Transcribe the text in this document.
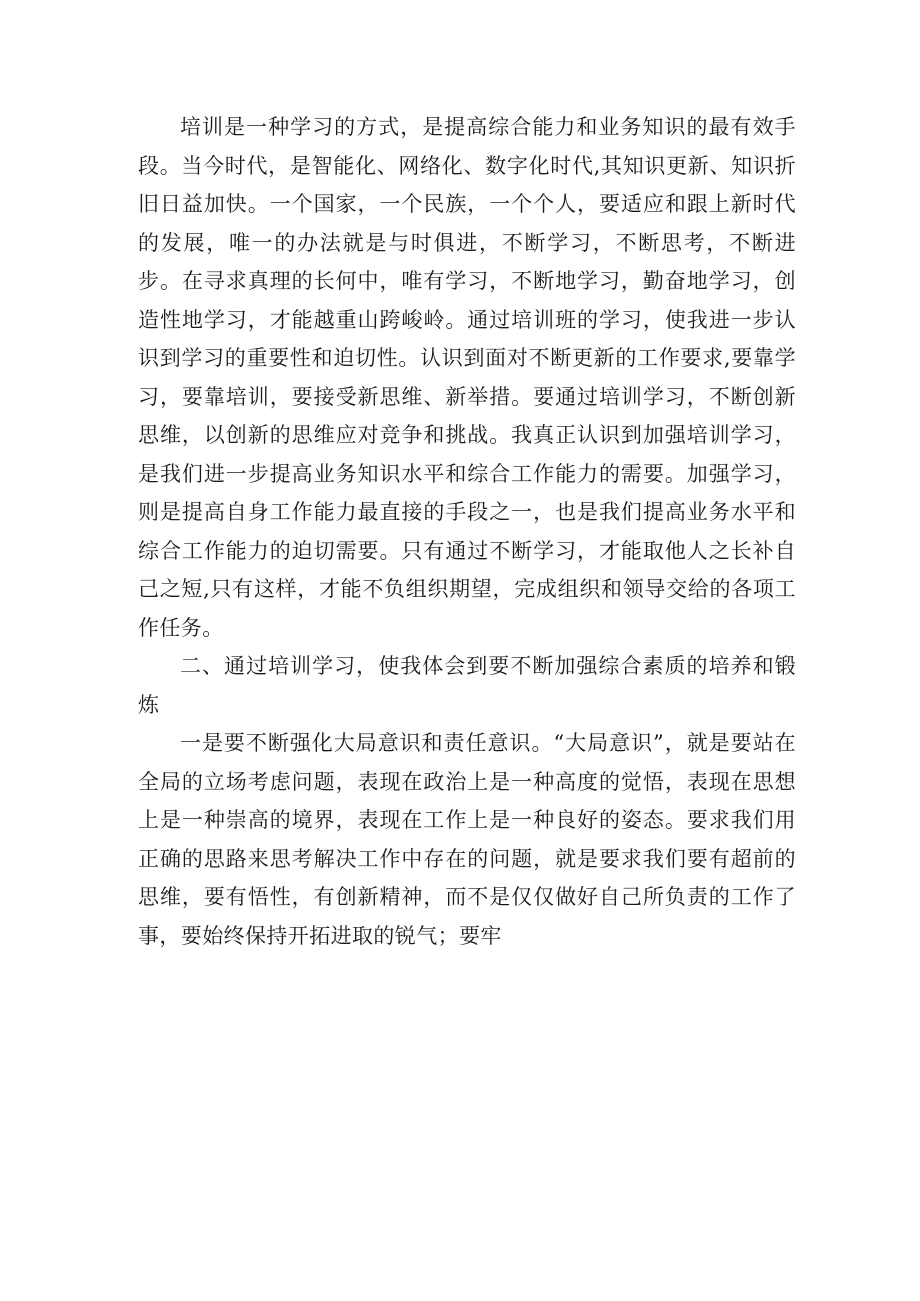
培训是一种学习的方式，是提高综合能力和业务知识的最有效手段。当今时代，是智能化、网络化、数字化时代,其知识更新、知识折旧日益加快。一个国家，一个民族，一个个人，要适应和跟上新时代的发展，唯一的办法就是与时俱进，不断学习，不断思考，不断进步。在寻求真理的长何中，唯有学习，不断地学习，勤奋地学习，创造性地学习，才能越重山跨峻岭。通过培训班的学习，使我进一步认识到学习的重要性和迫切性。认识到面对不断更新的工作要求,要靠学习，要靠培训，要接受新思维、新举措。要通过培训学习，不断创新思维，以创新的思维应对竞争和挑战。我真正认识到加强培训学习，是我们进一步提高业务知识水平和综合工作能力的需要。加强学习，则是提高自身工作能力最直接的手段之一，也是我们提高业务水平和综合工作能力的迫切需要。只有通过不断学习，才能取他人之长补自己之短,只有这样，才能不负组织期望，完成组织和领导交给的各项工作任务。

二、通过培训学习，使我体会到要不断加强综合素质的培养和锻炼

一是要不断强化大局意识和责任意识。“大局意识”，就是要站在全局的立场考虑问题，表现在政治上是一种高度的觉悟，表现在思想上是一种崇高的境界，表现在工作上是一种良好的姿态。要求我们用正确的思路来思考解决工作中存在的问题，就是要求我们要有超前的思维，要有悟性，有创新精神，而不是仅仅做好自己所负责的工作了事，要始终保持开拓进取的锐气；要牢
